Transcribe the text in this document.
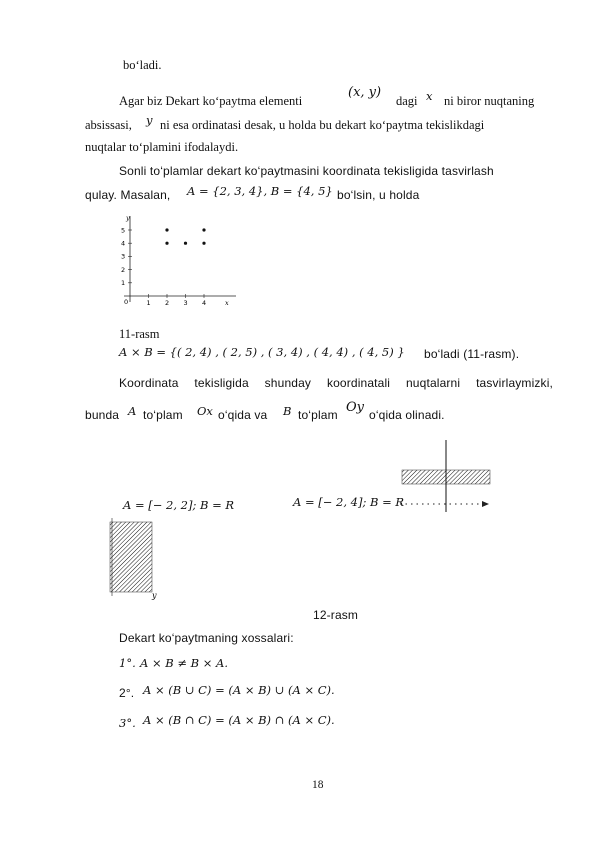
bo‘ladi.
Agar biz Dekart ko‘paytma elementi
(x, y)
dagi x ni biror nuqtaning
absissasi, y ni esa ordinatasi desak, u holda bu dekart ko‘paytma tekislikdagi
nuqtalar to‘plamini ifodalaydi.
Sonli to‘plamlar dekart ko‘paytmasini koordinata tekisligida tasvirlash
qulay. Masalan, A = {2, 3, 4}, B = {4, 5} bo‘lsin, u holda
y
x
0
1
2
3
4
5
1 2 3 4
11-rasm
A × B = {( 2, 4) , ( 2, 5) , ( 3, 4) , ( 4, 4) , ( 4, 5) } bo‘ladi (11-rasm).
Koordinata tekisligida shunday koordinatali nuqtalarni tasvirlaymizki,
bunda A to‘plam Ox o‘qida va B to‘plam Oy o‘qida olinadi.
A = [− 2, 2]; B = R	A = [− 2, 4]; B = R
y
12-rasm
Dekart ko‘paytmaning xossalari:
1°. A × B ≠ B × A.
2°. A × (B ∪ C) = (A × B) ∪ (A × C).
3°. A × (B ∩ C) = (A × B) ∩ (A × C).
18
